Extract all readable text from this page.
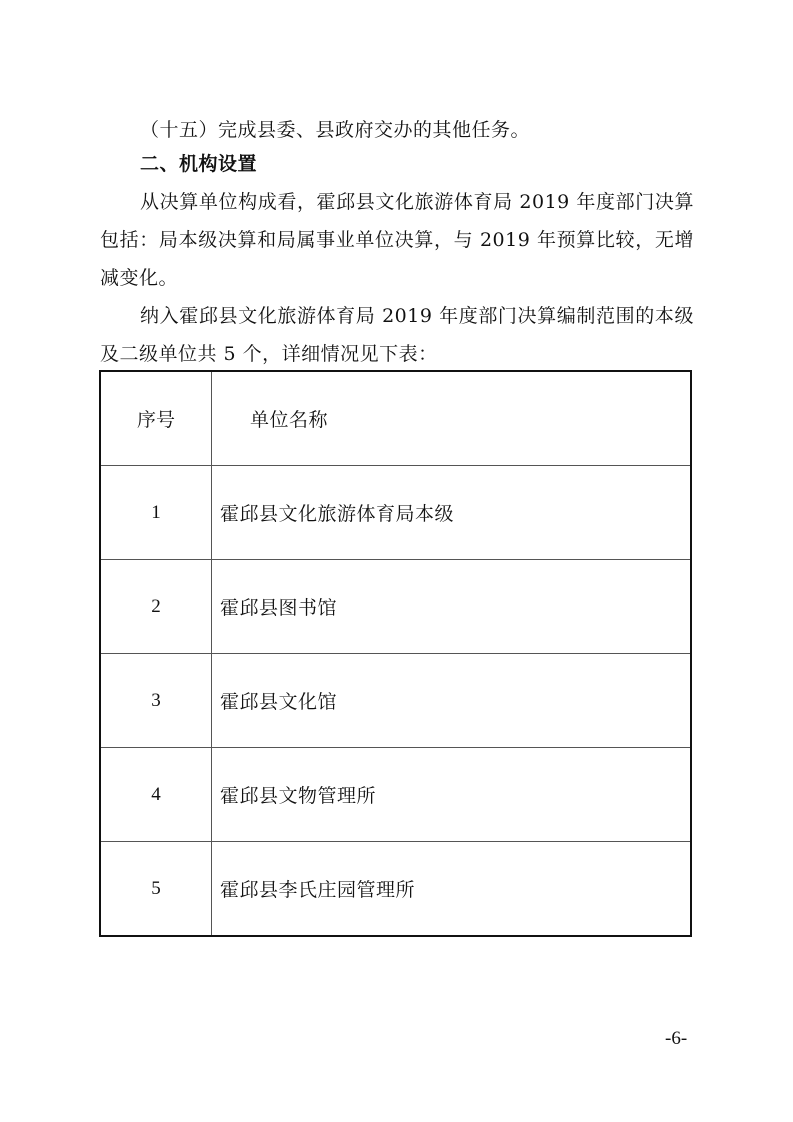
（十五）完成县委、县政府交办的其他任务。
二、机构设置
从决算单位构成看，霍邱县文化旅游体育局 2019 年度部门决算包括：局本级决算和局属事业单位决算，与 2019 年预算比较，无增减变化。
纳入霍邱县文化旅游体育局 2019 年度部门决算编制范围的本级及二级单位共 5 个，详细情况见下表：
序号	单位名称
1	霍邱县文化旅游体育局本级
2	霍邱县图书馆
3	霍邱县文化馆
4	霍邱县文物管理所
5	霍邱县李氏庄园管理所
-6-
